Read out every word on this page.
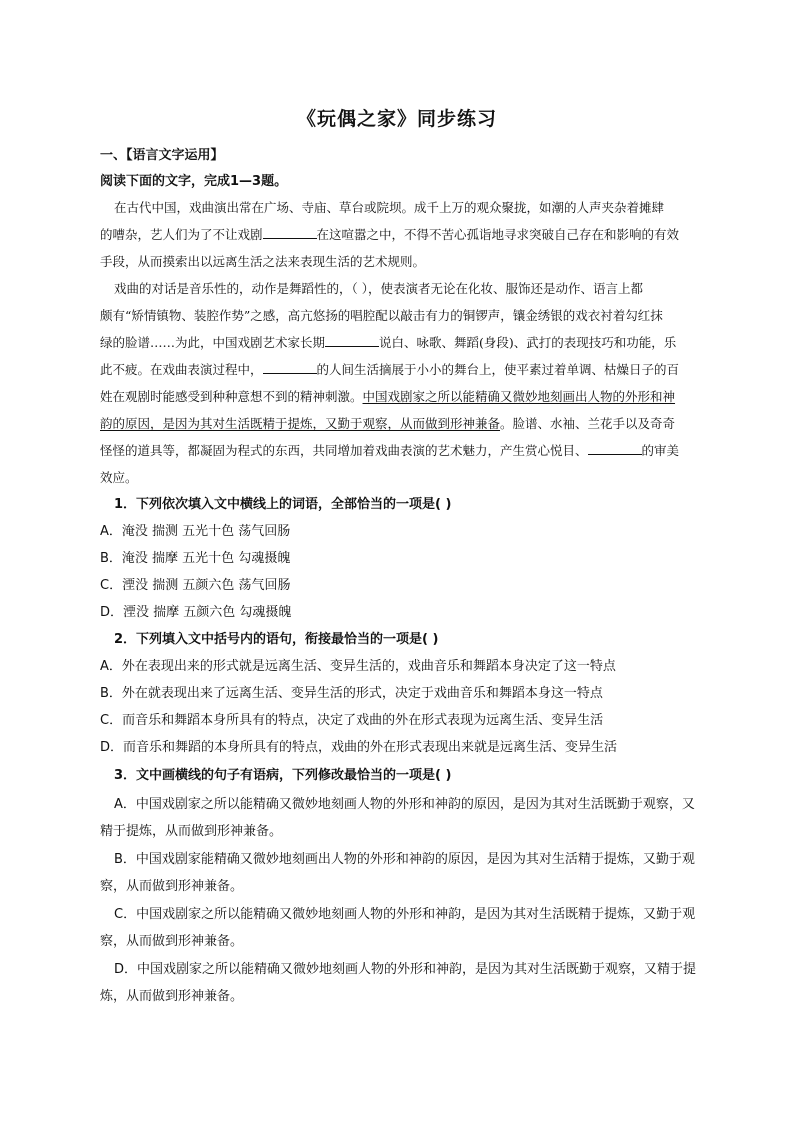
《玩偶之家》同步练习
一、【语言文字运用】
阅读下面的文字，完成1—3题。
在古代中国，戏曲演出常在广场、寺庙、草台或院坝。成千上万的观众聚拢，如潮的人声夹杂着摊肆
的嘈杂，艺人们为了不让戏剧	在这喧嚣之中，不得不苦心孤诣地寻求突破自己存在和影响的有效
手段，从而摸索出以远离生活之法来表现生活的艺术规则。
戏曲的对话是音乐性的，动作是舞蹈性的，（ ），使表演者无论在化妆、服饰还是动作、语言上都
颇有“矫情镇物、装腔作势”之感，高亢悠扬的唱腔配以敲击有力的铜锣声，镶金绣银的戏衣衬着勾红抹
绿的脸谱……为此，中国戏剧艺术家长期	说白、咏歌、舞蹈(身段)、武打的表现技巧和功能，乐
此不疲。在戏曲表演过程中，	的人间生活摘展于小小的舞台上，使平素过着单调、枯燥日子的百
姓在观剧时能感受到种种意想不到的精神刺激。中国戏剧家之所以能精确又微妙地刻画出人物的外形和神
韵的原因，是因为其对生活既精于提炼，又勤于观察，从而做到形神兼备。脸谱、水袖、兰花手以及奇奇
怪怪的道具等，都凝固为程式的东西，共同增加着戏曲表演的艺术魅力，产生赏心悦目、	的审美
效应。
1．下列依次填入文中横线上的词语，全部恰当的一项是( )
A．淹没 揣测 五光十色 荡气回肠
B．淹没 揣摩 五光十色 勾魂摄魄
C．湮没 揣测 五颜六色 荡气回肠
D．湮没 揣摩 五颜六色 勾魂摄魄
2．下列填入文中括号内的语句，衔接最恰当的一项是( )
A．外在表现出来的形式就是远离生活、变异生活的，戏曲音乐和舞蹈本身决定了这一特点
B．外在就表现出来了远离生活、变异生活的形式，决定于戏曲音乐和舞蹈本身这一特点
C．而音乐和舞蹈本身所具有的特点，决定了戏曲的外在形式表现为远离生活、变异生活
D．而音乐和舞蹈的本身所具有的特点，戏曲的外在形式表现出来就是远离生活、变异生活
3．文中画横线的句子有语病，下列修改最恰当的一项是( )
A．中国戏剧家之所以能精确又微妙地刻画人物的外形和神韵的原因，是因为其对生活既勤于观察，又
精于提炼，从而做到形神兼备。
B．中国戏剧家能精确又微妙地刻画出人物的外形和神韵的原因，是因为其对生活精于提炼，又勤于观
察，从而做到形神兼备。
C．中国戏剧家之所以能精确又微妙地刻画人物的外形和神韵，是因为其对生活既精于提炼，又勤于观
察，从而做到形神兼备。
D．中国戏剧家之所以能精确又微妙地刻画人物的外形和神韵，是因为其对生活既勤于观察，又精于提
炼，从而做到形神兼备。
